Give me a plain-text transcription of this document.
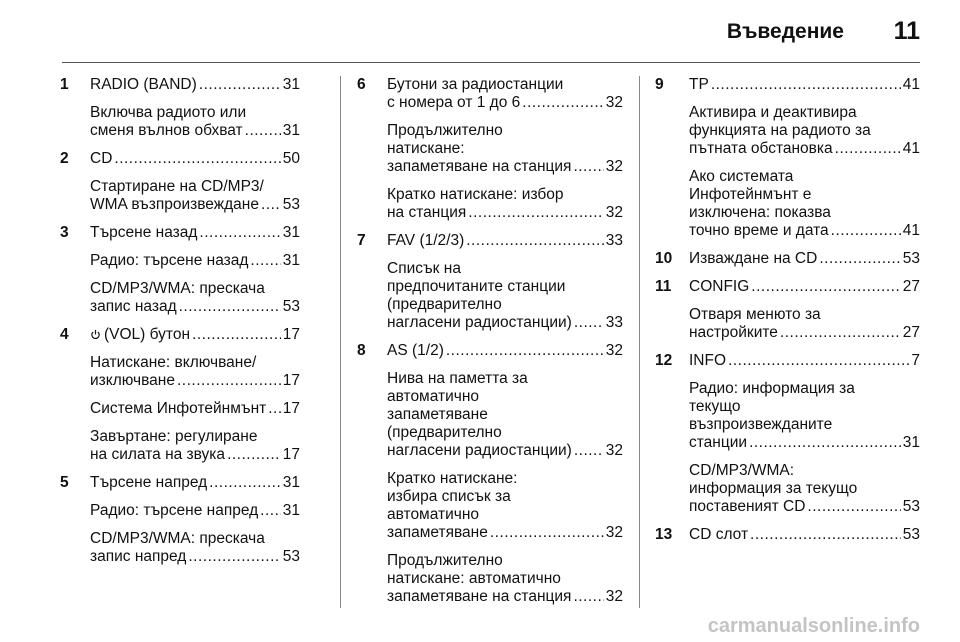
Въведение 11
1 RADIO (BAND) .....	31
Включва радиото или
сменя вълнов обхват .....	31
2 CD .....	50
Стартиране на CD/MP3/
WMA възпроизвеждане ..... 53
3 Търсене назад .....	31
Радио: търсене назад ..... 31
CD/MP3/WMA: прескача
запис назад .....	53
4	(VOL) бутон .....	17
Натискане: включване/
изключване .....	17
Система Инфотейнмънт ..... 17
Завъртане: регулиране
на силата на звука .....	17
5 Търсене напред .....	31
Радио: търсене напред ..... 31
CD/MP3/WMA: прескача
запис напред .....	53
6 Бутони за радиостанции
с номера от 1 до 6 .....	32
Продължително
натискане:
запаметяване на станция ..... 32
Кратко натискане: избор
на станция .....	32
7 FAV (1/2/3) .....	33
Списък на
предпочитаните станции
(предварително
нагласени радиостанции) ..... 33
8 AS (1/2) .....	32
Нива на паметта за
автоматично
запаметяване
(предварително
нагласени радиостанции) ..... 32
Кратко натискане:
избира списък за
автоматично
запаметяване .....	32
Продължително
натискане: автоматично
запаметяване на станция ..... 32
9 TP .....	41
Активира и деактивира
функцията на радиото за
пътната обстановка .....	41
Ако системата
Инфотейнмънт е
изключена: показва
точно време и дата .....	41
10 Изваждане на CD .....	53
11 CONFIG .....	27
Отваря менюто за
настройките .....	27
12 INFO .....	7
Радио: информация за
текущо
възпроизвежданите
станции .....	31
CD/MP3/WMA:
информация за текущо
поставеният CD .....	53
13 CD слот .....	53
carmanualsonline.info
